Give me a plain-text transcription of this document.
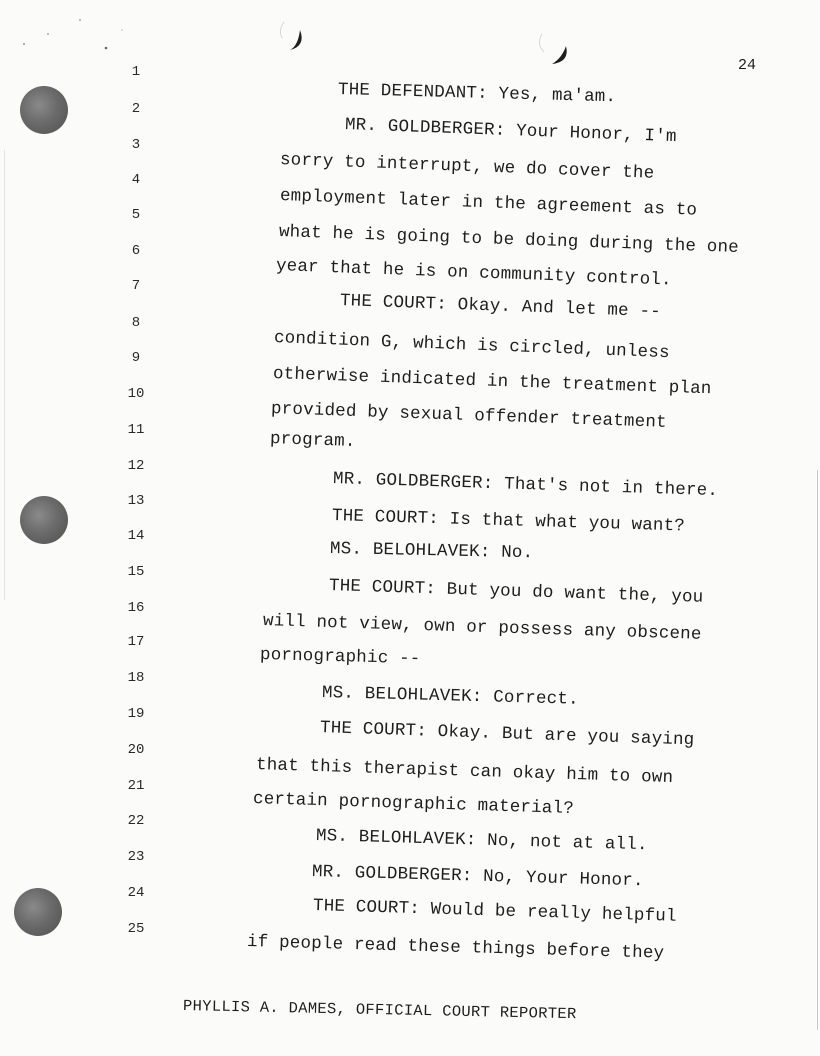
24
1
2
3
4
5
6
7
8
9
10
11
12
13
14
15
16
17
18
19
20
21
22
23
24
25
THE DEFENDANT: Yes, ma'am.
MR. GOLDBERGER: Your Honor, I'm
sorry to interrupt, we do cover the
employment later in the agreement as to
what he is going to be doing during the one
year that he is on community control.
THE COURT: Okay. And let me --
condition G, which is circled, unless
otherwise indicated in the treatment plan
provided by sexual offender treatment
program.
MR. GOLDBERGER: That's not in there.
THE COURT: Is that what you want?
MS. BELOHLAVEK: No.
THE COURT: But you do want the, you
will not view, own or possess any obscene
pornographic --
MS. BELOHLAVEK: Correct.
THE COURT: Okay. But are you saying
that this therapist can okay him to own
certain pornographic material?
MS. BELOHLAVEK: No, not at all.
MR. GOLDBERGER: No, Your Honor.
THE COURT: Would be really helpful
if people read these things before they
PHYLLIS A. DAMES, OFFICIAL COURT REPORTER
